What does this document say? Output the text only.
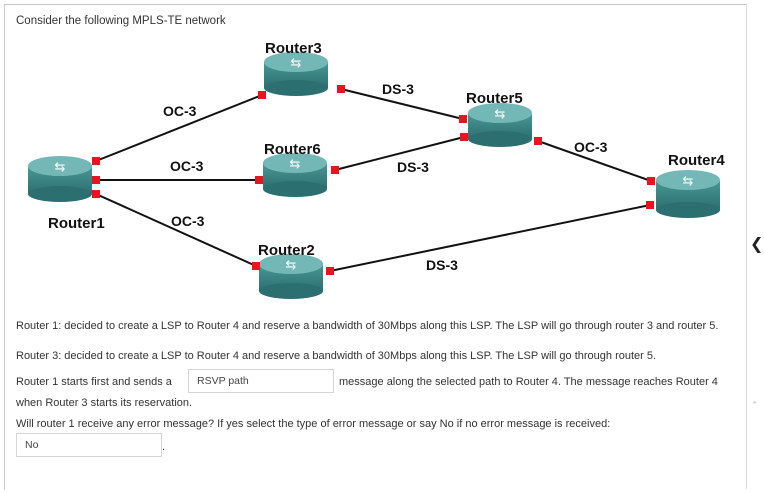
Consider the following MPLS-TE network
⇆
⇆
⇆
⇆
⇆
⇆
Router1
Router3
Router6
Router5
Router4
Router2
OC-3
OC-3
OC-3
DS-3
DS-3
OC-3
DS-3
❮
Router 1: decided to create a LSP to Router 4 and reserve a bandwidth of 30Mbps along this LSP. The LSP will go through router 3 and router 5.
Router 3: decided to create a LSP to Router 4 and reserve a bandwidth of 30Mbps along this LSP. The LSP will go through router 5.
Router 1 starts first and sends a	RSVP path	message along the selected path to Router 4. The message reaches Router 4
when Router 3 starts its reservation.	⌃
Will router 1 receive any error message? If yes select the type of error message or say No if no error message is received:
No	.
